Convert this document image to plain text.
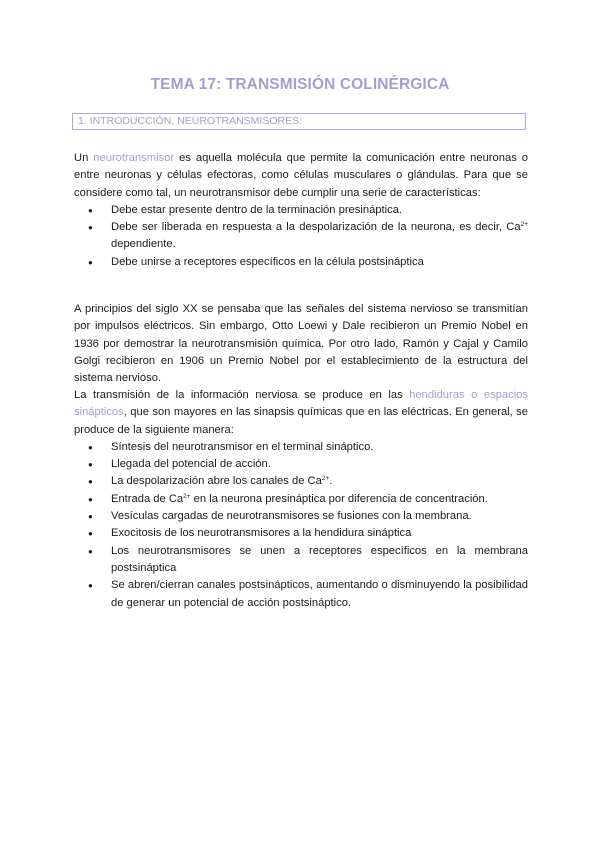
TEMA 17: TRANSMISIÓN COLINÉRGICA
1. INTRODUCCIÓN. NEUROTRANSMISORES:

Un neurotransmisor es aquella molécula que permite la comunicación entre neuronas o entre neuronas y células efectoras, como células musculares o glándulas. Para que se considere como tal, un neurotransmisor debe cumplir una serie de características:

● Debe estar presente dentro de la terminación presináptica.
● Debe ser liberada en respuesta a la despolarización de la neurona, es decir, $Ca^{2+}$ dependiente.
● Debe unirse a receptores específicos en la célula postsináptica

A principios del siglo XX se pensaba que las señales del sistema nervioso se transmitían por impulsos eléctricos. Sin embargo, Otto Loewi y Dale recibieron un Premio Nobel en 1936 por demostrar la neurotransmisión química. Por otro lado, Ramón y Cajal y Camilo Golgi recibieron en 1906 un Premio Nobel por el establecimiento de la estructura del sistema nervioso.

La transmisión de la información nerviosa se produce en las hendiduras o espacios sinápticos, que son mayores en las sinapsis químicas que en las eléctricas. En general, se produce de la siguiente manera:

● Síntesis del neurotransmisor en el terminal sináptico.
● Llegada del potencial de acción.
● La despolarización abre los canales de $Ca^{2+}$.
● Entrada de $Ca^{2+}$ en la neurona presináptica por diferencia de concentración.
● Vesículas cargadas de neurotransmisores se fusiones con la membrana.
● Exocitosis de los neurotransmisores a la hendidura sináptica
● Los neurotransmisores se unen a receptores específicos en la membrana postsináptica
● Se abren/cierran canales postsinápticos, aumentando o disminuyendo la posibilidad de generar un potencial de acción postsináptico.
